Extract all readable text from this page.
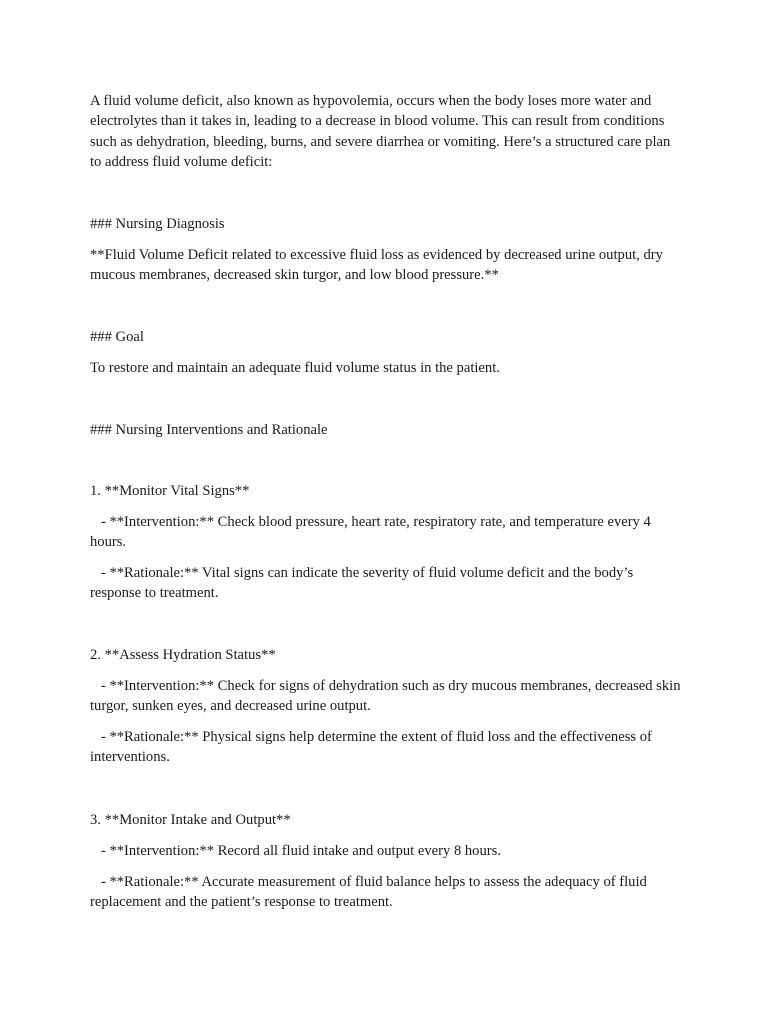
A fluid volume deficit, also known as hypovolemia, occurs when the body loses more water and electrolytes than it takes in, leading to a decrease in blood volume. This can result from conditions such as dehydration, bleeding, burns, and severe diarrhea or vomiting. Here’s a structured care plan to address fluid volume deficit:

### Nursing Diagnosis

**Fluid Volume Deficit related to excessive fluid loss as evidenced by decreased urine output, dry mucous membranes, decreased skin turgor, and low blood pressure.**

### Goal

To restore and maintain an adequate fluid volume status in the patient.

### Nursing Interventions and Rationale

1. **Monitor Vital Signs**

- **Intervention:** Check blood pressure, heart rate, respiratory rate, and temperature every 4 hours.

- **Rationale:** Vital signs can indicate the severity of fluid volume deficit and the body’s response to treatment.

2. **Assess Hydration Status**

- **Intervention:** Check for signs of dehydration such as dry mucous membranes, decreased skin turgor, sunken eyes, and decreased urine output.

- **Rationale:** Physical signs help determine the extent of fluid loss and the effectiveness of interventions.

3. **Monitor Intake and Output**

- **Intervention:** Record all fluid intake and output every 8 hours.

- **Rationale:** Accurate measurement of fluid balance helps to assess the adequacy of fluid replacement and the patient’s response to treatment.
